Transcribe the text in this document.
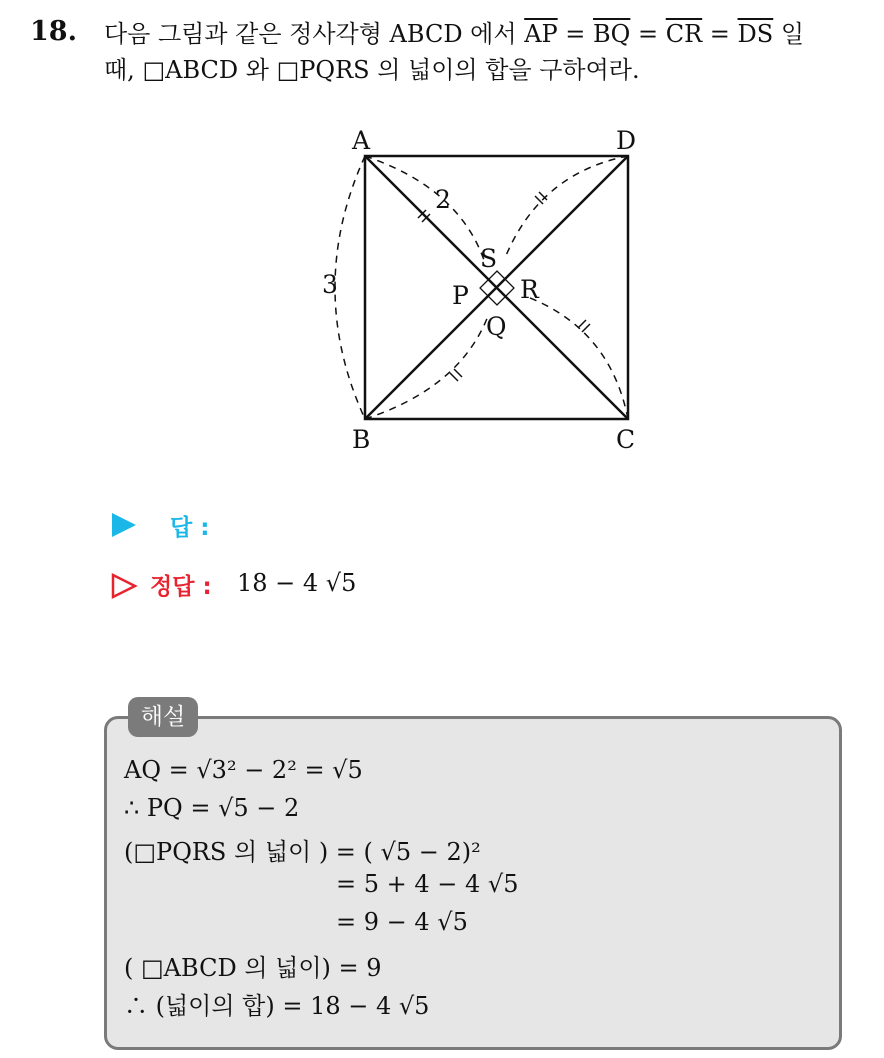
18. 다음 그림과 같은 정사각형 ABCD 에서 $\overline{AP} = \overline{BQ} = \overline{CR} = \overline{DS}$ 일
때, □ABCD 와 □PQRS 의 넓이의 합을 구하여라.
A	D
B	C
S
P R
Q
3
2
답 :
정답 : 18 − 4 √5
해설
AQ = √3² − 2² = √5
∴ PQ = √5 − 2
(□PQRS 의 넓이 ) = ( √5 − 2)²
= 5 + 4 − 4 √5
= 9 − 4 √5
( □ABCD 의 넓이) = 9
∴ (넓이의 합) = 18 − 4 √5
